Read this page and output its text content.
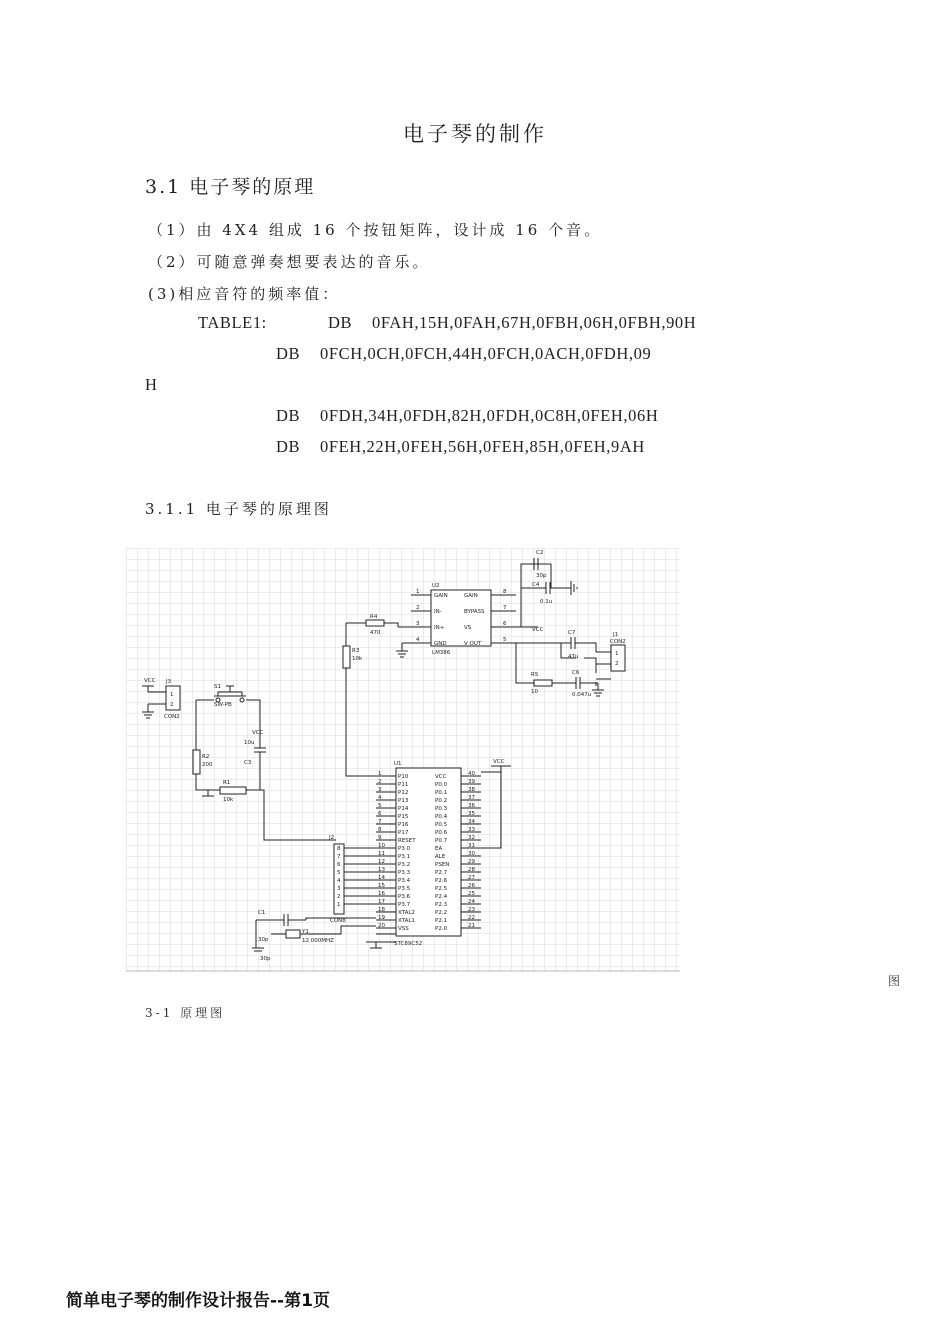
电子琴的制作
3.1 电子琴的原理
（1）由 4X4 组成 16 个按钮矩阵，设计成 16 个音。
（2）可随意弹奏想要表达的音乐。
(3)相应音符的频率值：
TABLE1:	DB 0FAH,15H,0FAH,67H,0FBH,06H,0FBH,90H
DB 0FCH,0CH,0FCH,44H,0FCH,0ACH,0FDH,09
H
DB 0FDH,34H,0FDH,82H,0FDH,0C8H,0FEH,06H
DB 0FEH,22H,0FEH,56H,0FEH,85H,0FEH,9AH
3.1.1 电子琴的原理图
U2
LM386
GAIN
IN-
IN+
GND
GAIN
BYPASS
VS
V OUT
1
2
3
4
8
7
6
5
R4
470
R3
10k
VCC
C2
30p
C4
0.1u
C7
47u
R5
10
C6
0.047u
1
2
J1
CON2
1
2
J3
CON2
VCC
S1
SW-PB
R2
200
10u
C3
VCC
R1
10k
J2
CON8
8
7
6
5
4
3
2
1
U1
STC89C52
1	P10
2	P11
3	P12
4	P13
5	P14
6	P15
7	P16
8	P17
9	RESET
10 P3.0
11 P3.1
12 P3.2
13 P3.3
14 P3.4
15 P3.5
16 P3.6
17 P3.7
18 XTAL2
19 XTAL1
20 VSS
40
VCC
39
P0.0
38
P0.1
37
P0.2
36
P0.3
35
P0.4
34
P0.5
33
P0.6
32
P0.7
31
EA
30
ALE
29
PSEN
28
P2.7
27
P2.6
26
P2.5
25
P2.4
24
P2.3
23
P2.2
22
P2.1
21
P2.0
VCC
C1
30p
30p
Y1
12.000MHZ
图
3-1 原理图
简单电子琴的制作设计报告--第1页
